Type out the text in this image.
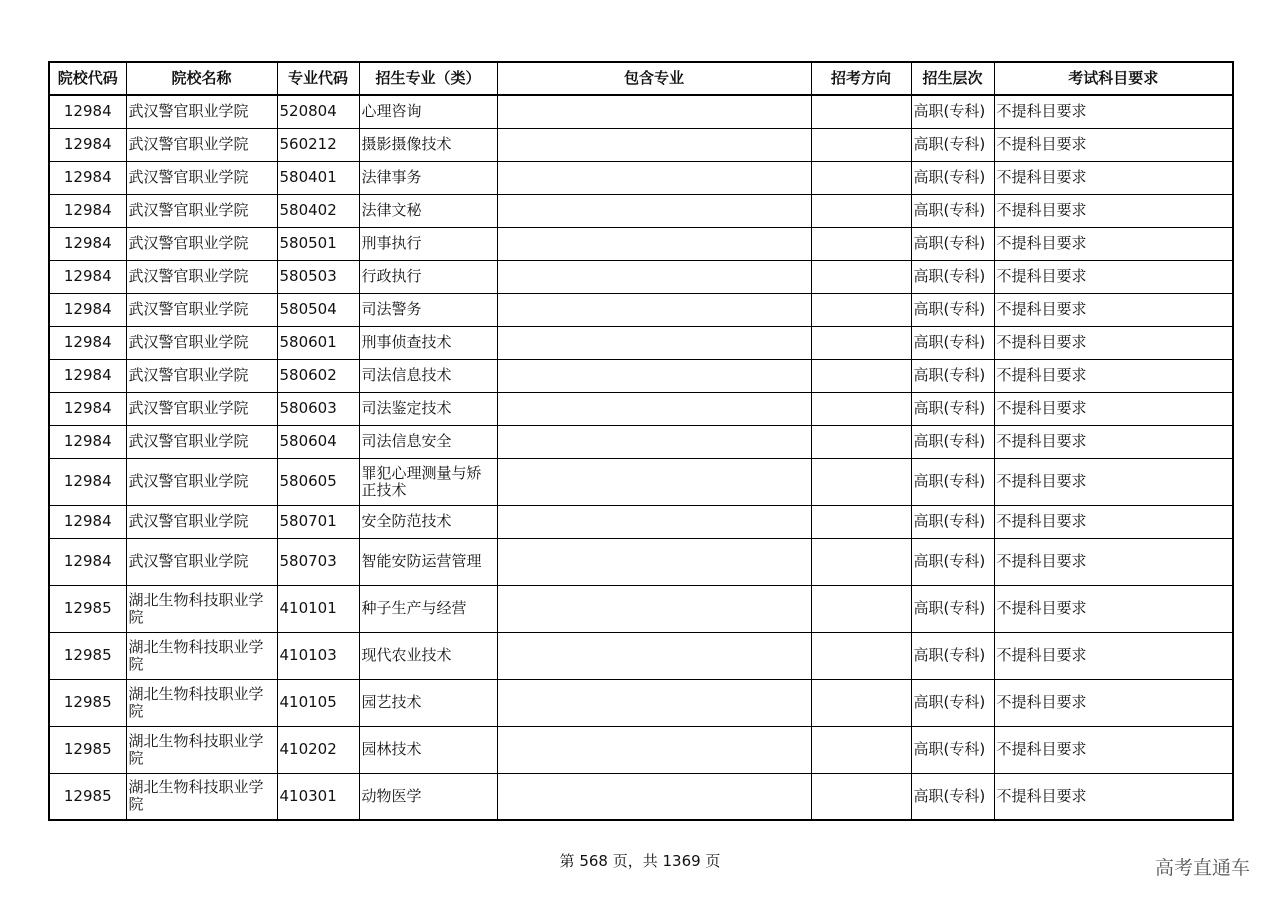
院校代码	院校名称	专业代码	招生专业（类）	包含专业	招考方向	招生层次	考试科目要求
12984	武汉警官职业学院	520804	心理咨询			高职(专科)	不提科目要求
12984	武汉警官职业学院	560212	摄影摄像技术			高职(专科)	不提科目要求
12984	武汉警官职业学院	580401	法律事务			高职(专科)	不提科目要求
12984	武汉警官职业学院	580402	法律文秘			高职(专科)	不提科目要求
12984	武汉警官职业学院	580501	刑事执行			高职(专科)	不提科目要求
12984	武汉警官职业学院	580503	行政执行			高职(专科)	不提科目要求
12984	武汉警官职业学院	580504	司法警务			高职(专科)	不提科目要求
12984	武汉警官职业学院	580601	刑事侦查技术			高职(专科)	不提科目要求
12984	武汉警官职业学院	580602	司法信息技术			高职(专科)	不提科目要求
12984	武汉警官职业学院	580603	司法鉴定技术			高职(专科)	不提科目要求
12984	武汉警官职业学院	580604	司法信息安全			高职(专科)	不提科目要求
12984	武汉警官职业学院	580605	罪犯心理测量与矫正技术			高职(专科)	不提科目要求
12984	武汉警官职业学院	580701	安全防范技术			高职(专科)	不提科目要求
12984	武汉警官职业学院	580703	智能安防运营管理			高职(专科)	不提科目要求
12985	湖北生物科技职业学院	410101	种子生产与经营			高职(专科)	不提科目要求
12985	湖北生物科技职业学院	410103	现代农业技术			高职(专科)	不提科目要求
12985	湖北生物科技职业学院	410105	园艺技术			高职(专科)	不提科目要求
12985	湖北生物科技职业学院	410202	园林技术			高职(专科)	不提科目要求
12985	湖北生物科技职业学院	410301	动物医学			高职(专科)	不提科目要求
第 568 页，共 1369 页	高考直通车
